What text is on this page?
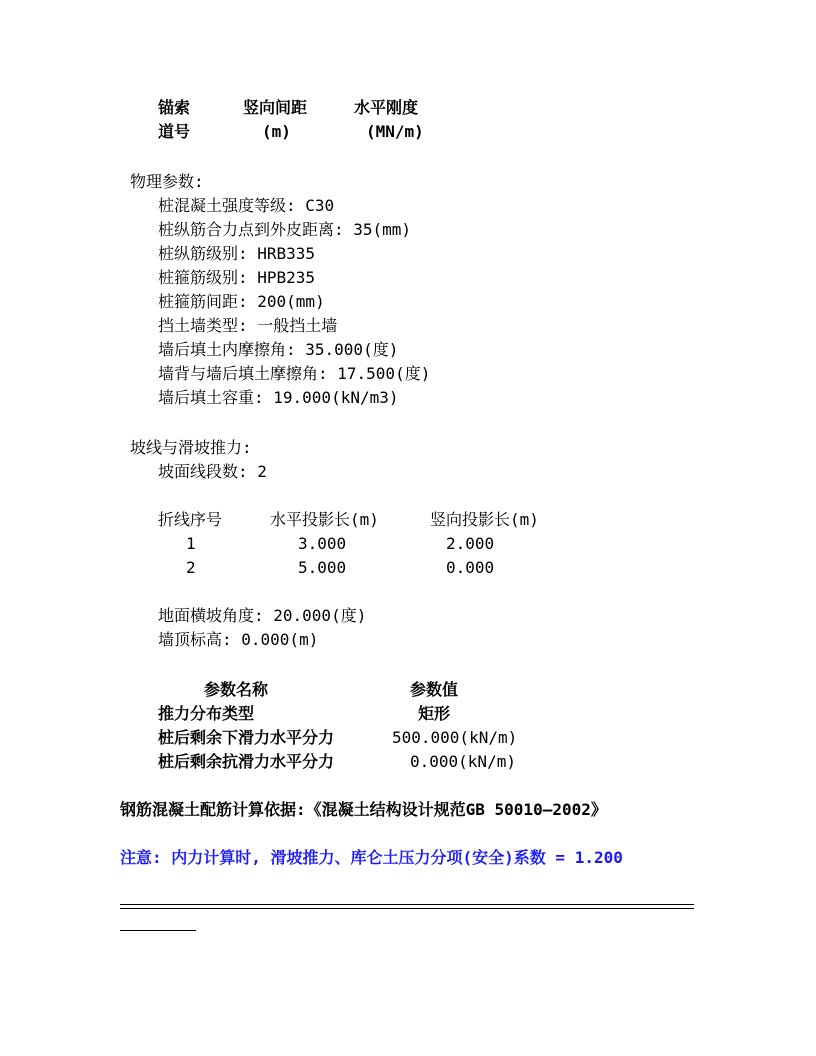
锚索	竖向间距	水平刚度
道号	(m)	(MN/m)
物理参数:
桩混凝土强度等级: C30
桩纵筋合力点到外皮距离: 35(mm)
桩纵筋级别: HRB335
桩箍筋级别: HPB235
桩箍筋间距: 200(mm)
挡土墙类型: 一般挡土墙
墙后填土内摩擦角: 35.000(度)
墙背与墙后填土摩擦角: 17.500(度)
墙后填土容重: 19.000(kN/m3)
坡线与滑坡推力:
坡面线段数: 2
折线序号	水平投影长(m)	竖向投影长(m)
1	3.000	2.000
2	5.000	0.000
地面横坡角度: 20.000(度)
墙顶标高: 0.000(m)
参数名称	参数值
推力分布类型	矩形
桩后剩余下滑力水平分力	500.000(kN/m)
桩后剩余抗滑力水平分力	0.000(kN/m)
钢筋混凝土配筋计算依据:《混凝土结构设计规范GB 50010—2002》
注意: 内力计算时, 滑坡推力、库仑土压力分项(安全)系数 = 1.200
